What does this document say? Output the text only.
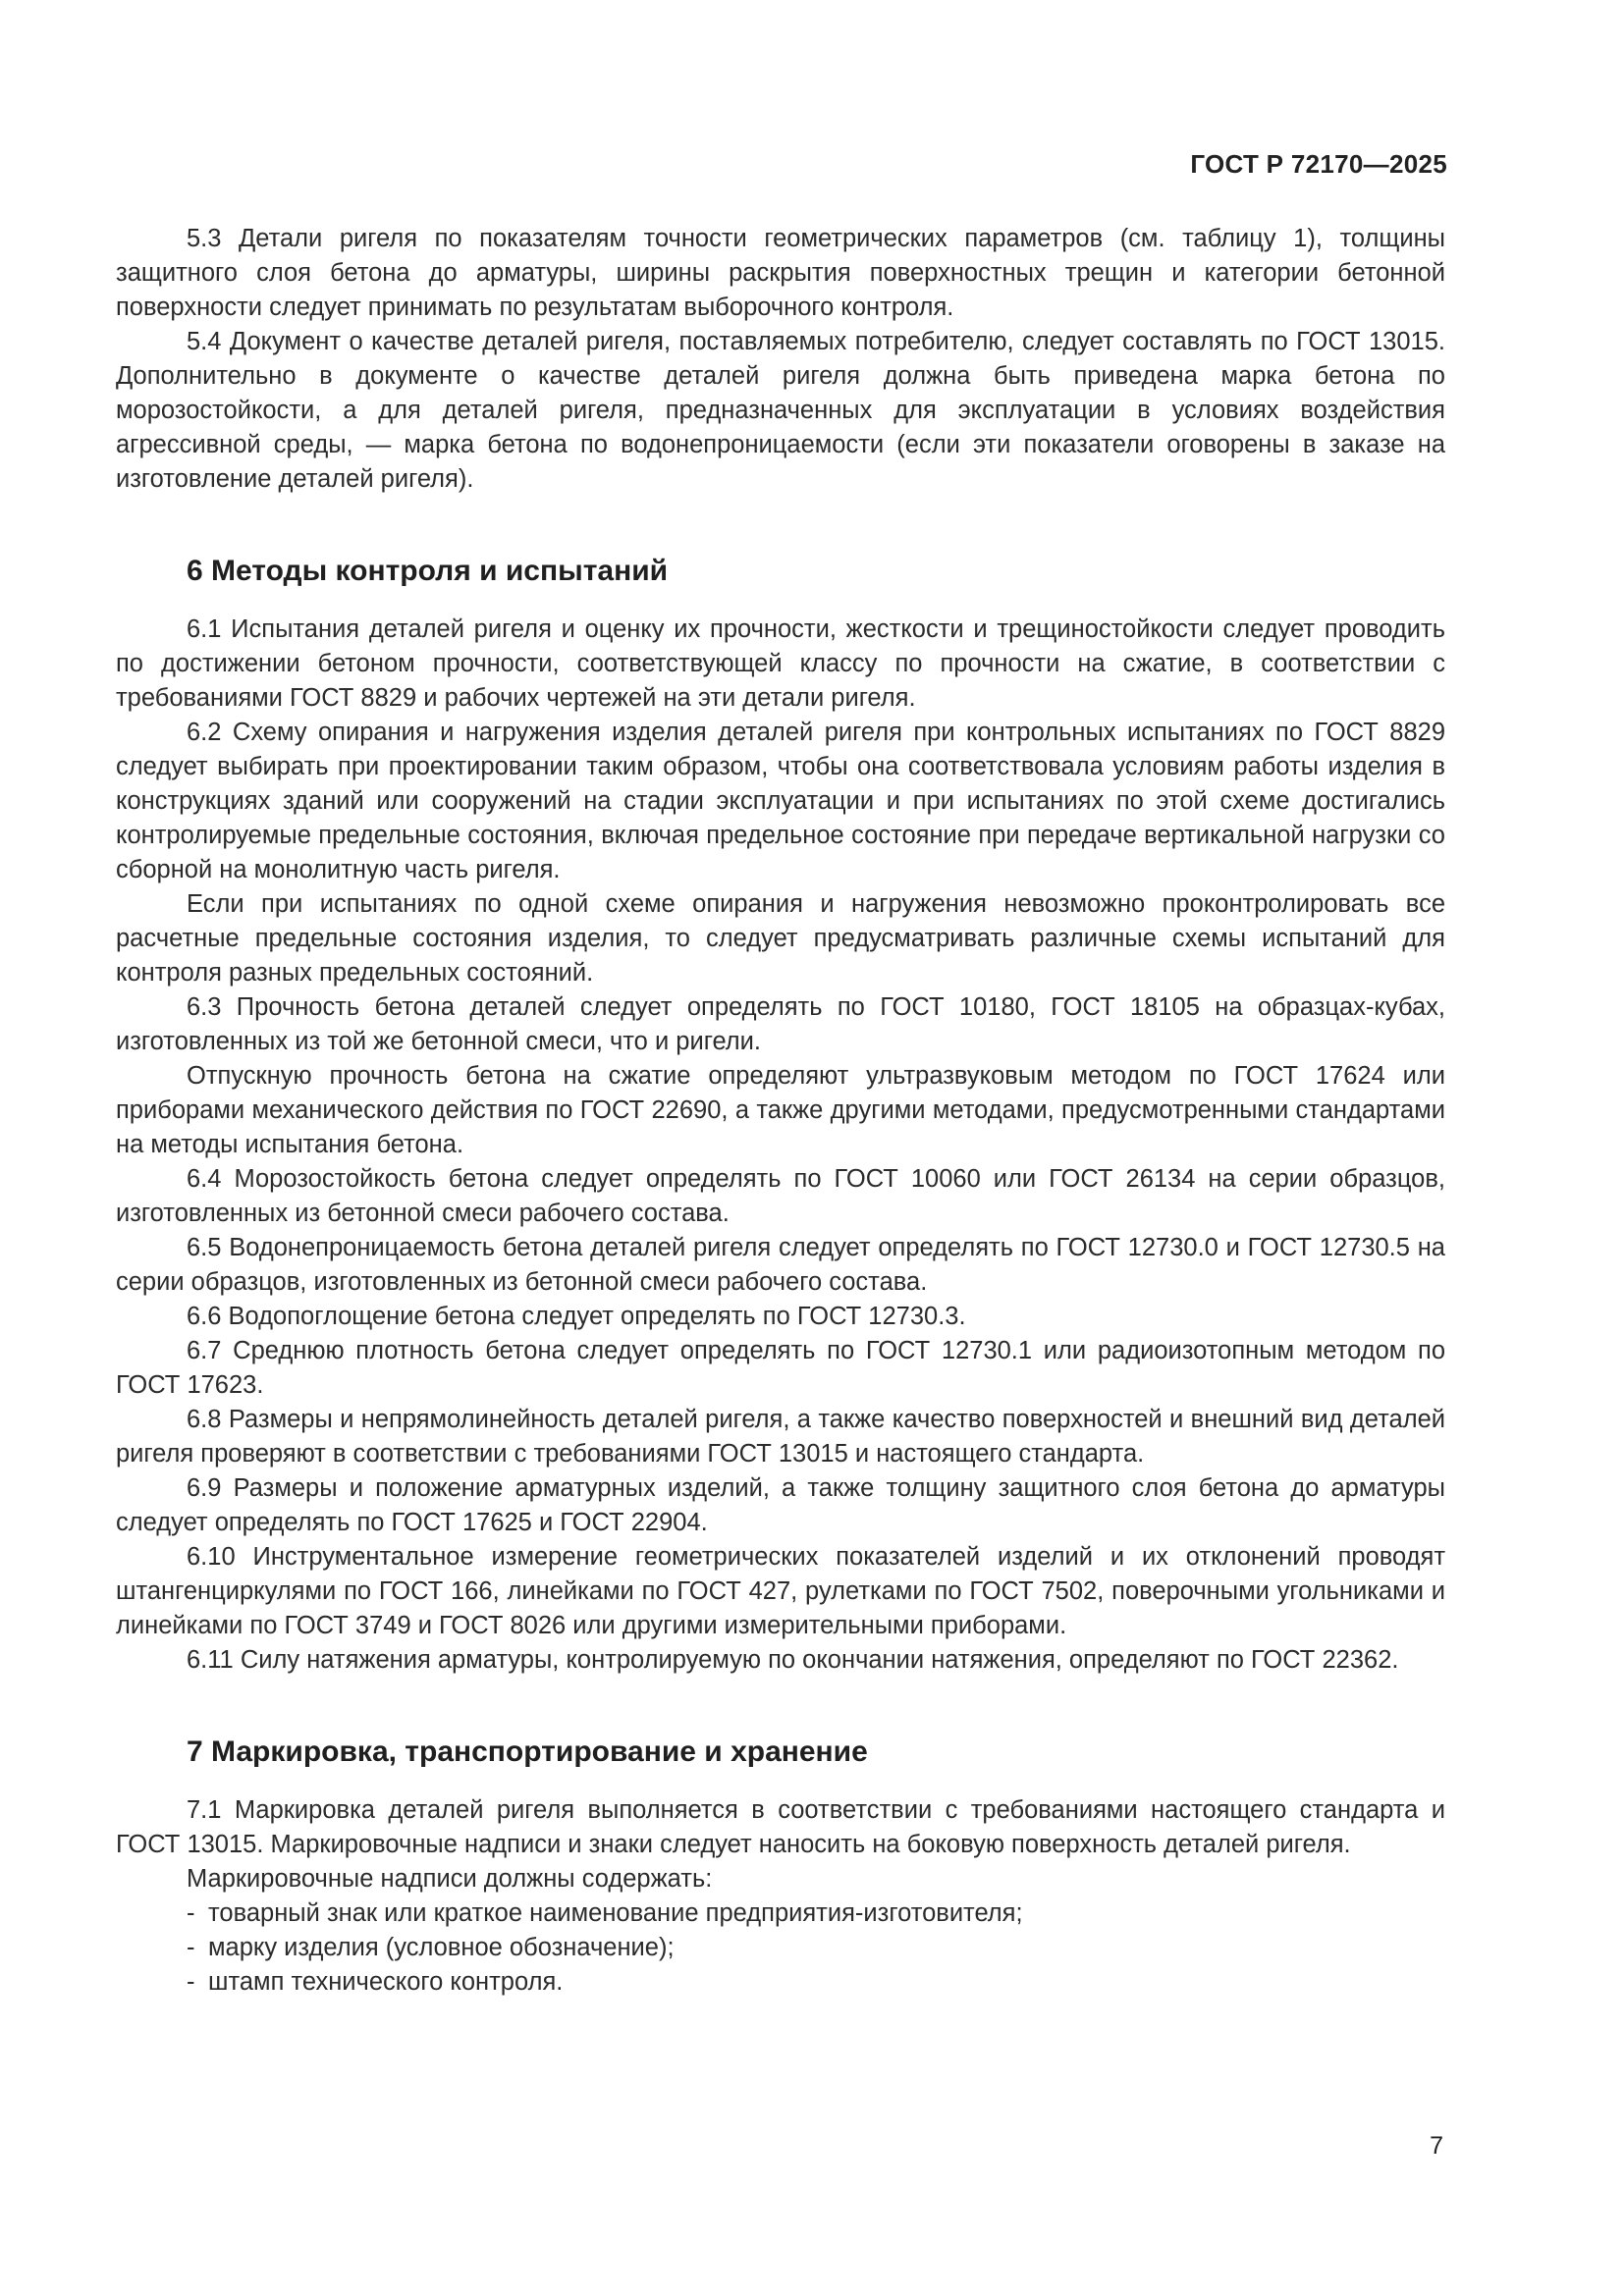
ГОСТ Р 72170—2025

5.3 Детали ригеля по показателям точности геометрических параметров (см. таблицу 1), толщины защитного слоя бетона до арматуры, ширины раскрытия поверхностных трещин и категории бетонной поверхности следует принимать по результатам выборочного контроля.

5.4 Документ о качестве деталей ригеля, поставляемых потребителю, следует составлять по ГОСТ 13015. Дополнительно в документе о качестве деталей ригеля должна быть приведена марка бетона по морозостойкости, а для деталей ригеля, предназначенных для эксплуатации в условиях воздействия агрессивной среды, — марка бетона по водонепроницаемости (если эти показатели оговорены в заказе на изготовление деталей ригеля).

6 Методы контроля и испытаний

6.1 Испытания деталей ригеля и оценку их прочности, жесткости и трещиностойкости следует проводить по достижении бетоном прочности, соответствующей классу по прочности на сжатие, в соответствии с требованиями ГОСТ 8829 и рабочих чертежей на эти детали ригеля.

6.2 Схему опирания и нагружения изделия деталей ригеля при контрольных испытаниях по ГОСТ 8829 следует выбирать при проектировании таким образом, чтобы она соответствовала условиям работы изделия в конструкциях зданий или сооружений на стадии эксплуатации и при испытаниях по этой схеме достигались контролируемые предельные состояния, включая предельное состояние при передаче вертикальной нагрузки со сборной на монолитную часть ригеля.

Если при испытаниях по одной схеме опирания и нагружения невозможно проконтролировать все расчетные предельные состояния изделия, то следует предусматривать различные схемы испытаний для контроля разных предельных состояний.

6.3 Прочность бетона деталей следует определять по ГОСТ 10180, ГОСТ 18105 на образцах-кубах, изготовленных из той же бетонной смеси, что и ригели.

Отпускную прочность бетона на сжатие определяют ультразвуковым методом по ГОСТ 17624 или приборами механического действия по ГОСТ 22690, а также другими методами, предусмотренными стандартами на методы испытания бетона.

6.4 Морозостойкость бетона следует определять по ГОСТ 10060 или ГОСТ 26134 на серии образцов, изготовленных из бетонной смеси рабочего состава.

6.5 Водонепроницаемость бетона деталей ригеля следует определять по ГОСТ 12730.0 и ГОСТ 12730.5 на серии образцов, изготовленных из бетонной смеси рабочего состава.

6.6 Водопоглощение бетона следует определять по ГОСТ 12730.3.

6.7 Среднюю плотность бетона следует определять по ГОСТ 12730.1 или радиоизотопным методом по ГОСТ 17623.

6.8 Размеры и непрямолинейность деталей ригеля, а также качество поверхностей и внешний вид деталей ригеля проверяют в соответствии с требованиями ГОСТ 13015 и настоящего стандарта.

6.9 Размеры и положение арматурных изделий, а также толщину защитного слоя бетона до арматуры следует определять по ГОСТ 17625 и ГОСТ 22904.

6.10 Инструментальное измерение геометрических показателей изделий и их отклонений проводят штангенциркулями по ГОСТ 166, линейками по ГОСТ 427, рулетками по ГОСТ 7502, поверочными угольниками и линейками по ГОСТ 3749 и ГОСТ 8026 или другими измерительными приборами.

6.11 Силу натяжения арматуры, контролируемую по окончании натяжения, определяют по ГОСТ 22362.

7 Маркировка, транспортирование и хранение

7.1 Маркировка деталей ригеля выполняется в соответствии с требованиями настоящего стандарта и ГОСТ 13015. Маркировочные надписи и знаки следует наносить на боковую поверхность деталей ригеля.

Маркировочные надписи должны содержать:

- товарный знак или краткое наименование предприятия-изготовителя;
- марку изделия (условное обозначение);
- штамп технического контроля.
7
